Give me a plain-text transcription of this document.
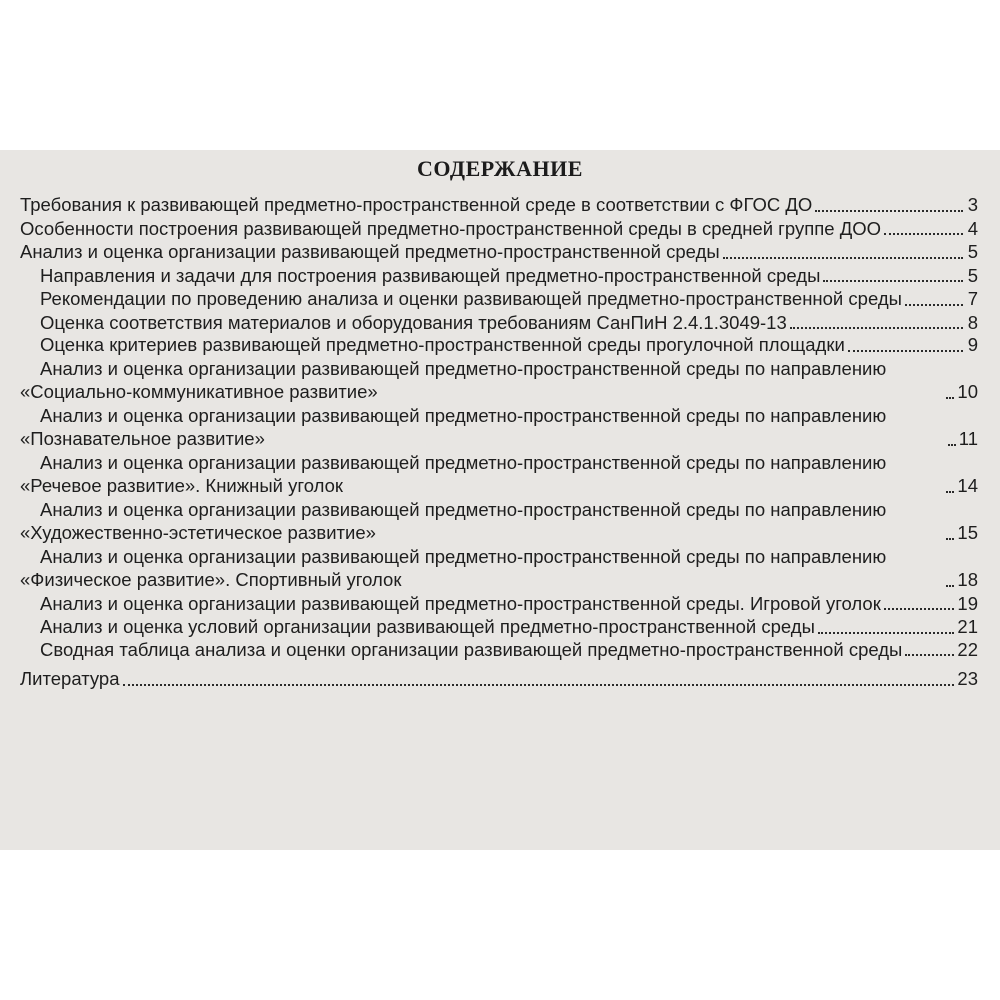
СОДЕРЖАНИЕ
Требования к развивающей предметно-пространственной среде в соответствии с ФГОС ДО	3
Особенности построения развивающей предметно-пространственной среды в средней группе ДОО	4
Анализ и оценка организации развивающей предметно-пространственной среды	5
Направления и задачи для построения развивающей предметно-пространственной среды	5
Рекомендации по проведению анализа и оценки развивающей предметно-пространственной среды	7
Оценка соответствия материалов и оборудования требованиям СанПиН 2.4.1.3049-13	8
Оценка критериев развивающей предметно-пространственной среды прогулочной площадки	9
Анализ и оценка организации развивающей предметно-пространственной среды по направлению «Социально-коммуникативное развитие»	10
Анализ и оценка организации развивающей предметно-пространственной среды по направлению «Познавательное развитие»	11
Анализ и оценка организации развивающей предметно-пространственной среды по направлению «Речевое развитие». Книжный уголок	14
Анализ и оценка организации развивающей предметно-пространственной среды по направлению «Художественно-эстетическое развитие»	15
Анализ и оценка организации развивающей предметно-пространственной среды по направлению «Физическое развитие». Спортивный уголок	18
Анализ и оценка организации развивающей предметно-пространственной среды. Игровой уголок	19
Анализ и оценка условий организации развивающей предметно-пространственной среды	21
Сводная таблица анализа и оценки организации развивающей предметно-пространственной среды	22
Литература	23
